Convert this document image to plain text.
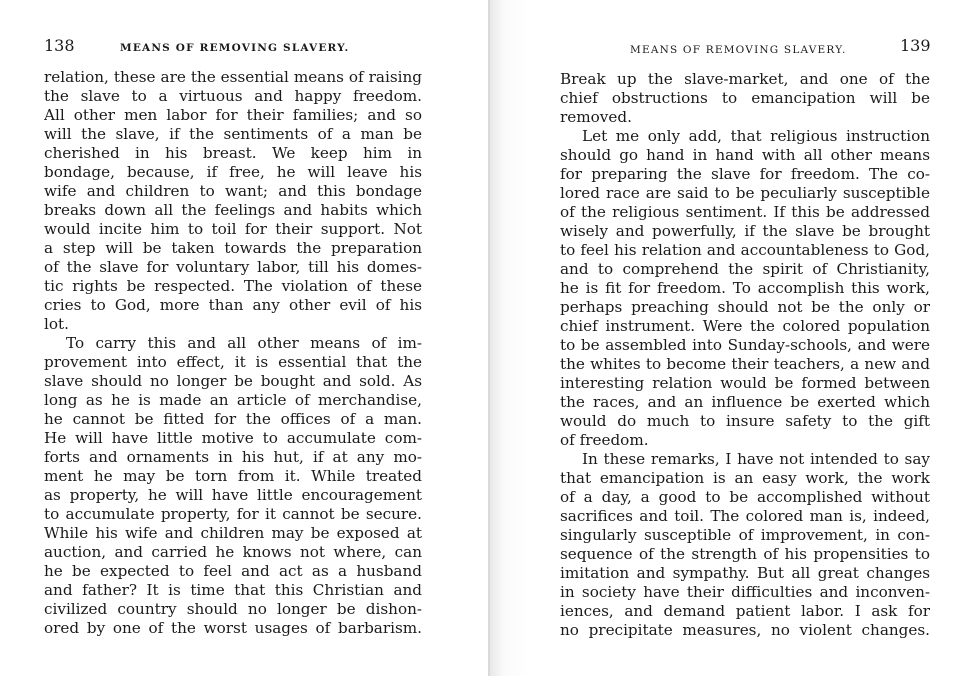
138	MEANS OF REMOVING SLAVERY.
relation, these are the essential means of raising
the slave to a virtuous and happy freedom.
All other men labor for their families; and so
will the slave, if the sentiments of a man be
cherished in his breast. We keep him in
bondage, because, if free, he will leave his
wife and children to want; and this bondage
breaks down all the feelings and habits which
would incite him to toil for their support. Not
a step will be taken towards the preparation
of the slave for voluntary labor, till his domes-
tic rights be respected. The violation of these
cries to God, more than any other evil of his
lot.
To carry this and all other means of im-
provement into effect, it is essential that the
slave should no longer be bought and sold. As
long as he is made an article of merchandise,
he cannot be fitted for the offices of a man.
He will have little motive to accumulate com-
forts and ornaments in his hut, if at any mo-
ment he may be torn from it. While treated
as property, he will have little encouragement
to accumulate property, for it cannot be secure.
While his wife and children may be exposed at
auction, and carried he knows not where, can
he be expected to feel and act as a husband
and father? It is time that this Christian and
civilized country should no longer be dishon-
ored by one of the worst usages of barbarism.
MEANS OF REMOVING SLAVERY.	139
Break up the slave-market, and one of the
chief obstructions to emancipation will be
removed.
Let me only add, that religious instruction
should go hand in hand with all other means
for preparing the slave for freedom. The co-
lored race are said to be peculiarly susceptible
of the religious sentiment. If this be addressed
wisely and powerfully, if the slave be brought
to feel his relation and accountableness to God,
and to comprehend the spirit of Christianity,
he is fit for freedom. To accomplish this work,
perhaps preaching should not be the only or
chief instrument. Were the colored population
to be assembled into Sunday-schools, and were
the whites to become their teachers, a new and
interesting relation would be formed between
the races, and an influence be exerted which
would do much to insure safety to the gift
of freedom.
In these remarks, I have not intended to say
that emancipation is an easy work, the work
of a day, a good to be accomplished without
sacrifices and toil. The colored man is, indeed,
singularly susceptible of improvement, in con-
sequence of the strength of his propensities to
imitation and sympathy. But all great changes
in society have their difficulties and inconven-
iences, and demand patient labor. I ask for
no precipitate measures, no violent changes.
